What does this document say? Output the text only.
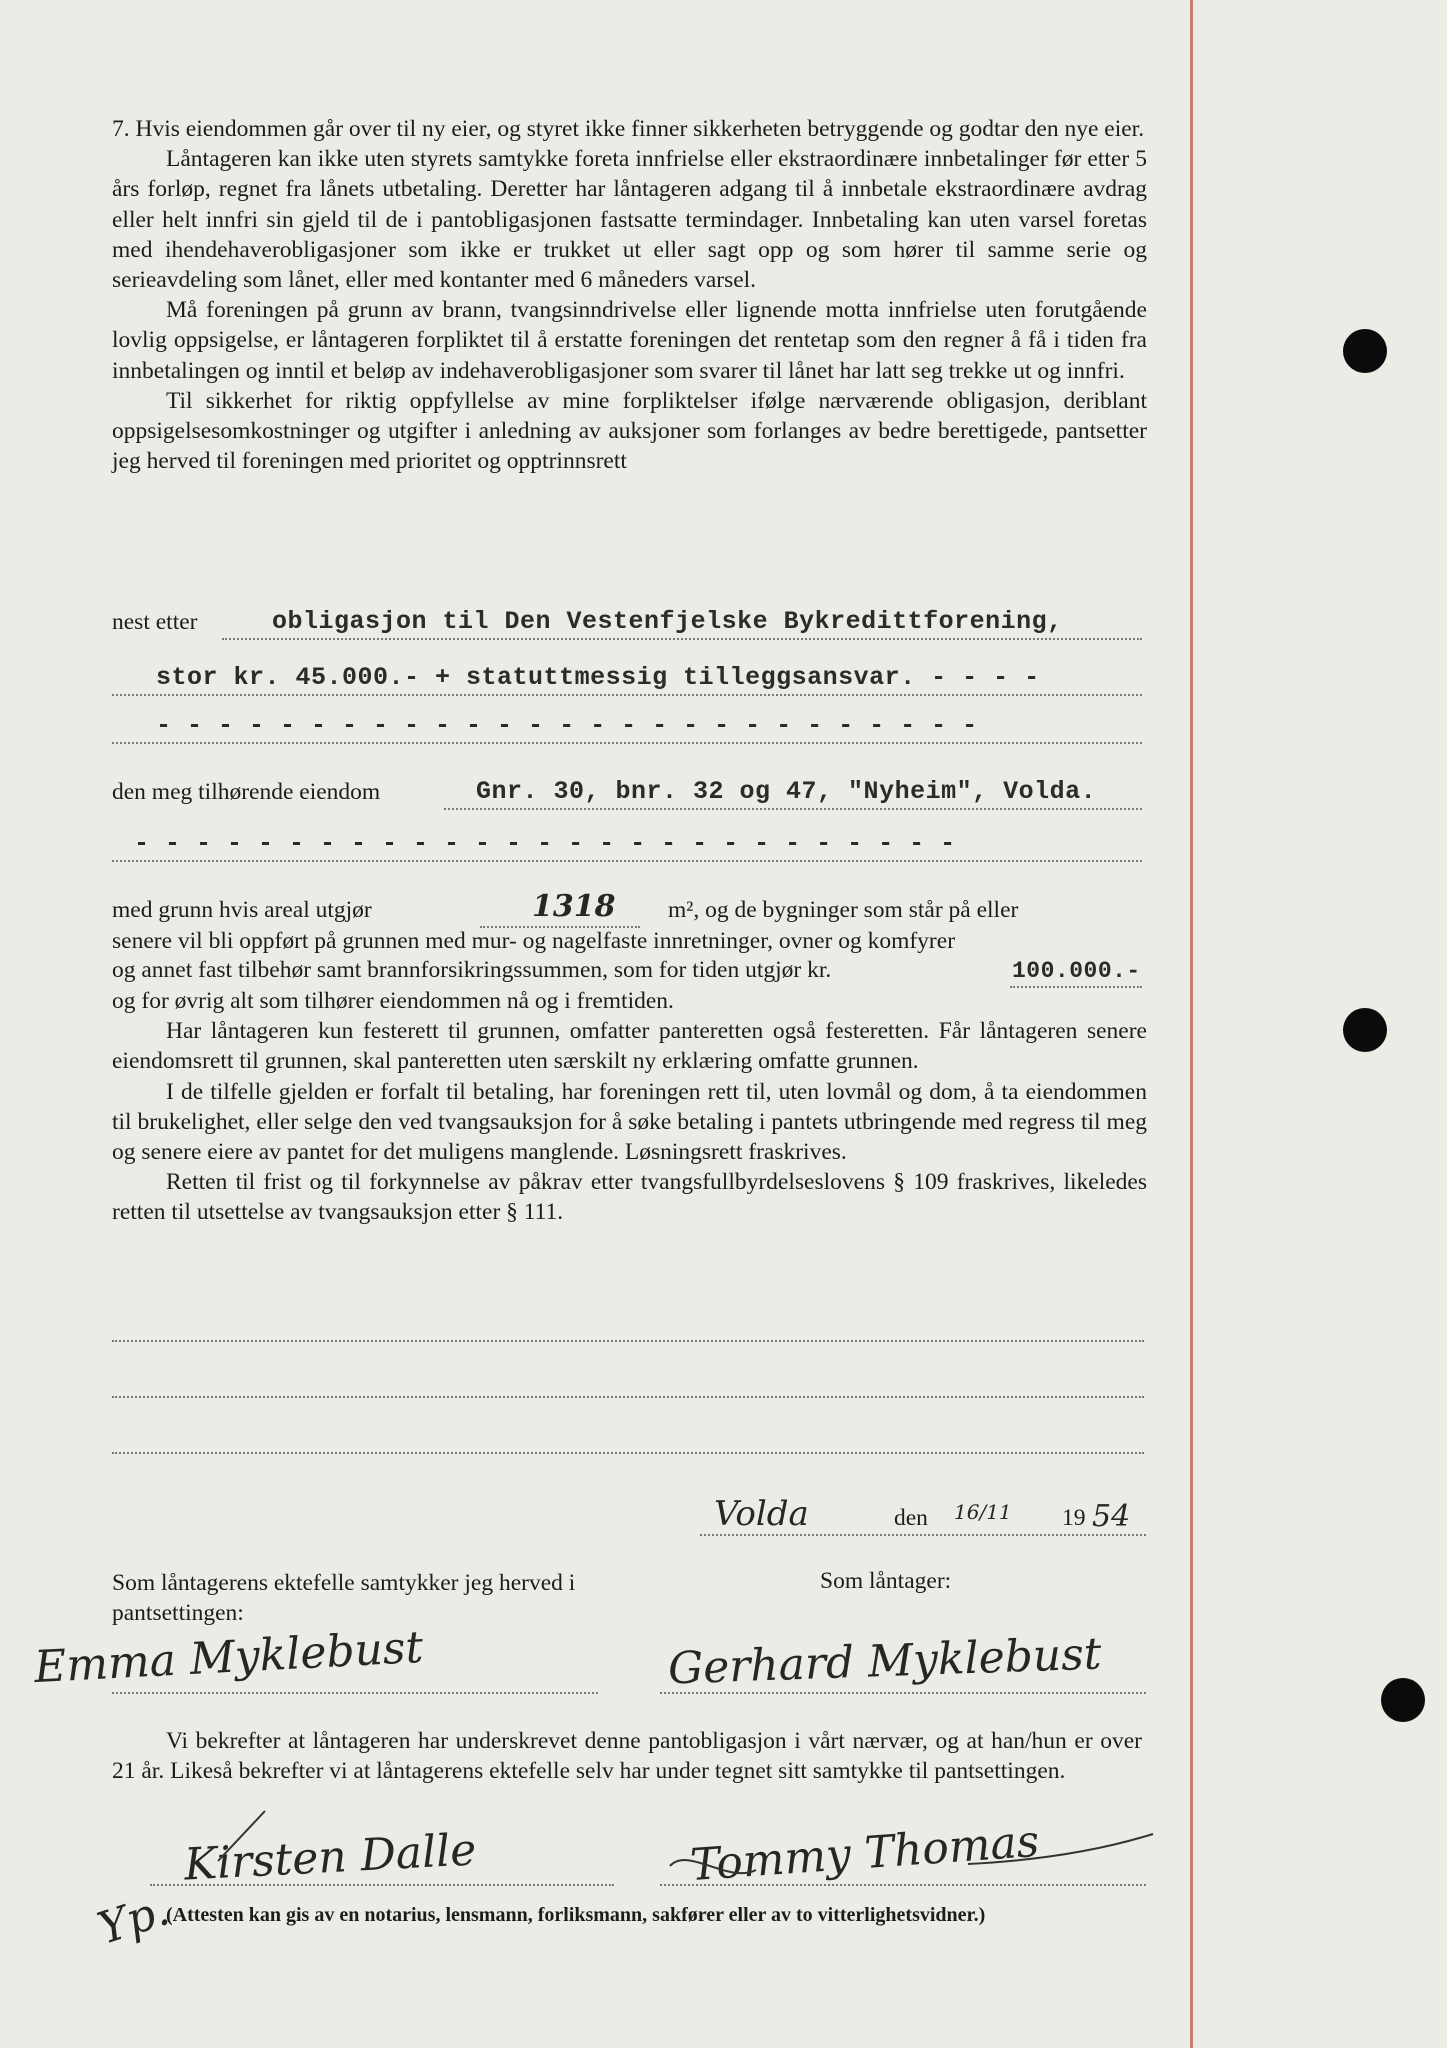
7. Hvis eiendommen går over til ny eier, og styret ikke finner sikkerheten betryggende og godtar den nye eier.

Låntageren kan ikke uten styrets samtykke foreta innfrielse eller ekstraordinære innbetalinger før etter 5 års forløp, regnet fra lånets utbetaling. Deretter har låntageren adgang til å innbetale ekstraordinære avdrag eller helt innfri sin gjeld til de i pantobligasjonen fastsatte termindager. Innbetaling kan uten varsel foretas med ihendehaverobligasjoner som ikke er trukket ut eller sagt opp og som hører til samme serie og serieavdeling som lånet, eller med kontanter med 6 måneders varsel.

Må foreningen på grunn av brann, tvangsinndrivelse eller lignende motta innfrielse uten forutgående lovlig oppsigelse, er låntageren forpliktet til å erstatte foreningen det rentetap som den regner å få i tiden fra innbetalingen og inntil et beløp av indehaverobligasjoner som svarer til lånet har latt seg trekke ut og innfri.

Til sikkerhet for riktig oppfyllelse av mine forpliktelser ifølge nærværende obligasjon, deriblant oppsigelsesomkostninger og utgifter i anledning av auksjoner som forlanges av bedre berettigede, pantsetter jeg herved til foreningen med prioritet og opptrinnsrett

nest etter	obligasjon til Den Vestenfjelske Bykredittforening,
stor kr. 45.000.- + statuttmessig tilleggsansvar. - - - -
- - - - - - - - - - - - - - - - - - - - - - - - - - -
den meg tilhørende eiendom	Gnr. 30, bnr. 32 og 47, "Nyheim", Volda.
- - - - - - - - - - - - - - - - - - - - - - - - - - -
med grunn hvis areal utgjør	1318 m², og de bygninger som står på eller

senere vil bli oppført på grunnen med mur- og nagelfaste innretninger, ovner og komfyrer

og annet fast tilbehør samt brannforsikringssummen, som for tiden utgjør kr.	100.000.-

og for øvrig alt som tilhører eiendommen nå og i fremtiden.

Har låntageren kun festerett til grunnen, omfatter panteretten også festeretten. Får låntageren senere eiendomsrett til grunnen, skal panteretten uten særskilt ny erklæring omfatte grunnen.

I de tilfelle gjelden er forfalt til betaling, har foreningen rett til, uten lovmål og dom, å ta eiendommen til brukelighet, eller selge den ved tvangsauksjon for å søke betaling i pantets utbringende med regress til meg og senere eiere av pantet for det muligens manglende. Løsningsrett fraskrives.

Retten til frist og til forkynnelse av påkrav etter tvangsfullbyrdelseslovens § 109 fraskrives, likeledes retten til utsettelse av tvangsauksjon etter § 111.

Volda	den 16/11 19 54
Som låntagerens ektefelle samtykker jeg herved i pantsettingen:
Som låntager:
Emma Myklebust	Gerhard Myklebust

Vi bekrefter at låntageren har underskrevet denne pantobligasjon i vårt nærvær, og at han/hun er over 21 år. Likeså bekrefter vi at låntagerens ektefelle selv har under tegnet sitt samtykke til pantsettingen.

Kirsten Dalle	Tommy Thomas
Yp.
(Attesten kan gis av en notarius, lensmann, forliksmann, sakfører eller av to vitterlighetsvidner.)
